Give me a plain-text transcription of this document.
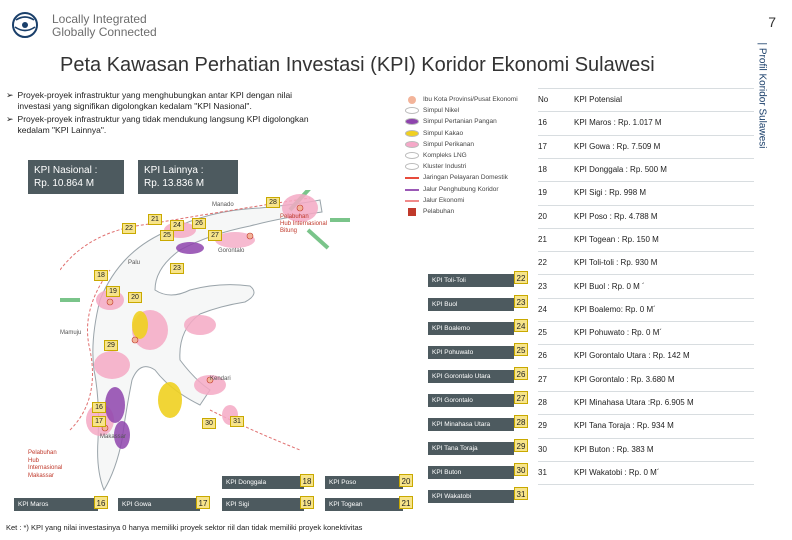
Locally Integrated
Globally Connected
7
| Profil Koridor Sulawesi
Peta Kawasan Perhatian Investasi (KPI) Koridor Ekonomi Sulawesi
➢ Proyek-proyek infrastruktur yang menghubungkan antar KPI dengan nilai investasi yang signifikan digolongkan kedalam "KPI Nasional".
➢ Proyek-proyek infrastruktur yang tidak mendukung langsung KPI digolongkan kedalam "KPI Lainnya".
KPI Nasional :
Rp. 10.864 M
KPI Lainnya :
Rp. 13.836 M
Manado
Palu
Gorontalo
Mamuju
Kendari
Makassar
Pelabuhan
Hub Internasional
Bitung
28
21
22	24	26
25	27
23
18
19
20
29
30	31
16
17
Pelabuhan
Hub
Internasional
Makassar
Ibu Kota Provinsi/Pusat Ekonomi
Simpul Nikel
Simpul Pertanian Pangan
Simpul Kakao
Simpul Perikanan
Kompleks LNG
Kluster Industri
Jaringan Pelayaran Domestik
Jalur Penghubung Koridor
Jalur Ekonomi
Pelabuhan
KPI Toli-Toli	22
KPI Buol	23
KPI Boalemo	24
KPI Pohuwato	25
KPI Gorontalo Utara	26
KPI Gorontalo	27
KPI Minahasa Utara	28
KPI Tana Toraja	29
KPI Buton	30
KPI Wakatobi	31
KPI Donggala	18	KPI Poso	20
KPI Maros	16	KPI Gowa	17	KPI Sigi	19	KPI Togean	21
Ket : *) KPI yang nilai investasinya 0 hanya memiliki proyek sektor riil dan tidak memiliki proyek konektivitas
No	KPI Potensial
16	KPI Maros : Rp. 1.017 M
17	KPI Gowa : Rp. 7.509 M
18	KPI Donggala : Rp. 500 M
19	KPI Sigi : Rp. 998 M
20	KPI Poso : Rp. 4.788 M
21	KPI Togean : Rp. 150 M
22	KPI Toli-toli : Rp. 930 M
23	KPI Buol : Rp. 0 M ´
24	KPI Boalemo: Rp. 0 M´
25	KPI Pohuwato : Rp. 0 M´
26	KPI Gorontalo Utara : Rp. 142 M
27	KPI Gorontalo : Rp. 3.680 M
28	KPI Minahasa Utara :Rp. 6.905 M
29	KPI Tana Toraja : Rp. 934 M
30	KPI Buton : Rp. 383 M
31	KPI Wakatobi : Rp. 0 M´
